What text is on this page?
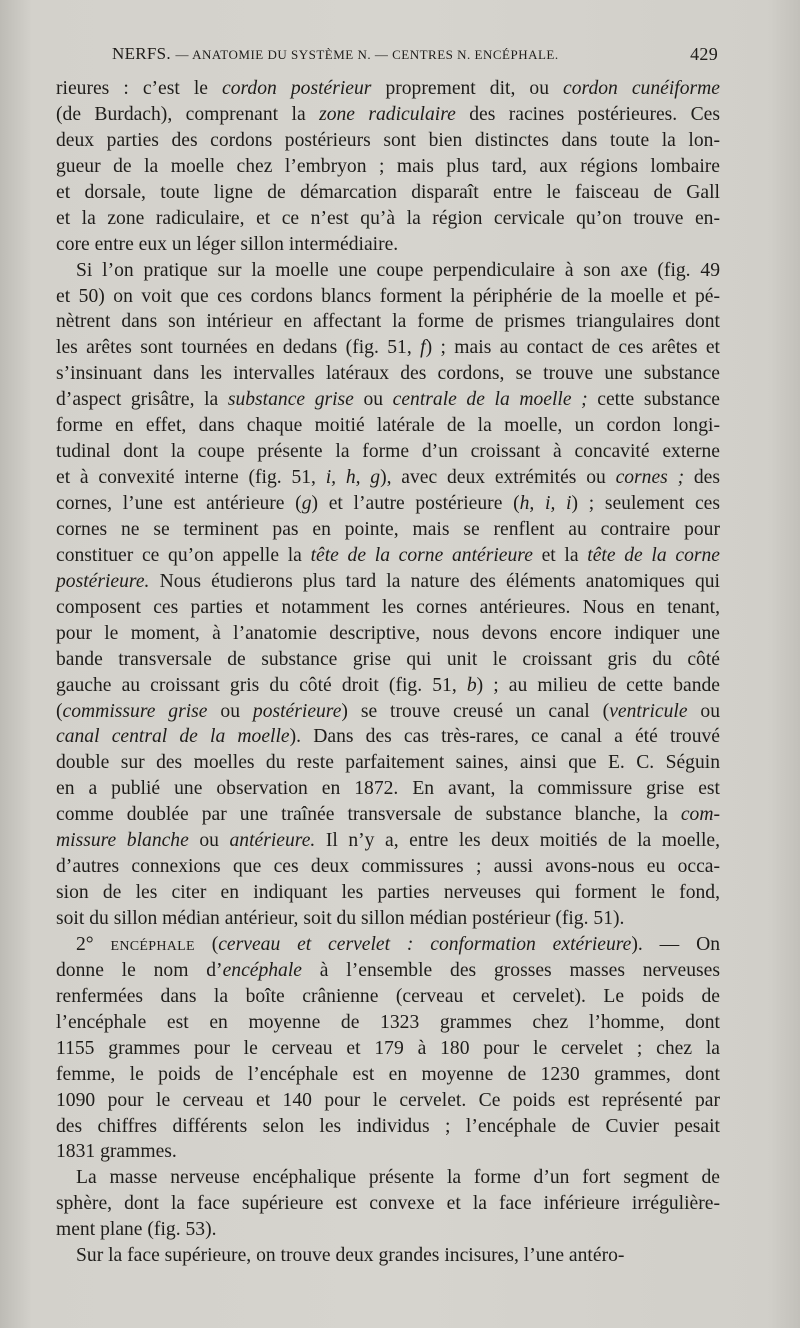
NERFS. — ANATOMIE DU SYSTÈME N. — CENTRES N. ENCÉPHALE.	429
rieures : c’est le cordon postérieur proprement dit, ou cordon cunéiforme
(de Burdach), comprenant la zone radiculaire des racines postérieures. Ces
deux parties des cordons postérieurs sont bien distinctes dans toute la lon-
gueur de la moelle chez l’embryon ; mais plus tard, aux régions lombaire
et dorsale, toute ligne de démarcation disparaît entre le faisceau de Gall
et la zone radiculaire, et ce n’est qu’à la région cervicale qu’on trouve en-
core entre eux un léger sillon intermédiaire.
Si l’on pratique sur la moelle une coupe perpendiculaire à son axe (fig. 49
et 50) on voit que ces cordons blancs forment la périphérie de la moelle et pé-
nètrent dans son intérieur en affectant la forme de prismes triangulaires dont
les arêtes sont tournées en dedans (fig. 51, f) ; mais au contact de ces arêtes et
s’insinuant dans les intervalles latéraux des cordons, se trouve une substance
d’aspect grisâtre, la substance grise ou centrale de la moelle ; cette substance
forme en effet, dans chaque moitié latérale de la moelle, un cordon longi-
tudinal dont la coupe présente la forme d’un croissant à concavité externe
et à convexité interne (fig. 51, i, h, g), avec deux extrémités ou cornes ; des
cornes, l’une est antérieure (g) et l’autre postérieure (h, i, i) ; seulement ces
cornes ne se terminent pas en pointe, mais se renflent au contraire pour
constituer ce qu’on appelle la tête de la corne antérieure et la tête de la corne
postérieure. Nous étudierons plus tard la nature des éléments anatomiques qui
composent ces parties et notamment les cornes antérieures. Nous en tenant,
pour le moment, à l’anatomie descriptive, nous devons encore indiquer une
bande transversale de substance grise qui unit le croissant gris du côté
gauche au croissant gris du côté droit (fig. 51, b) ; au milieu de cette bande
(commissure grise ou postérieure) se trouve creusé un canal (ventricule ou
canal central de la moelle). Dans des cas très-rares, ce canal a été trouvé
double sur des moelles du reste parfaitement saines, ainsi que E. C. Séguin
en a publié une observation en 1872. En avant, la commissure grise est
comme doublée par une traînée transversale de substance blanche, la com-
missure blanche ou antérieure. Il n’y a, entre les deux moitiés de la moelle,
d’autres connexions que ces deux commissures ; aussi avons-nous eu occa-
sion de les citer en indiquant les parties nerveuses qui forment le fond,
soit du sillon médian antérieur, soit du sillon médian postérieur (fig. 51).
2° encéphale (cerveau et cervelet : conformation extérieure). — On
donne le nom d’encéphale à l’ensemble des grosses masses nerveuses
renfermées dans la boîte crânienne (cerveau et cervelet). Le poids de
l’encéphale est en moyenne de 1323 grammes chez l’homme, dont
1155 grammes pour le cerveau et 179 à 180 pour le cervelet ; chez la
femme, le poids de l’encéphale est en moyenne de 1230 grammes, dont
1090 pour le cerveau et 140 pour le cervelet. Ce poids est représenté par
des chiffres différents selon les individus ; l’encéphale de Cuvier pesait
1831 grammes.
La masse nerveuse encéphalique présente la forme d’un fort segment de
sphère, dont la face supérieure est convexe et la face inférieure irrégulière-
ment plane (fig. 53).
Sur la face supérieure, on trouve deux grandes incisures, l’une antéro-
